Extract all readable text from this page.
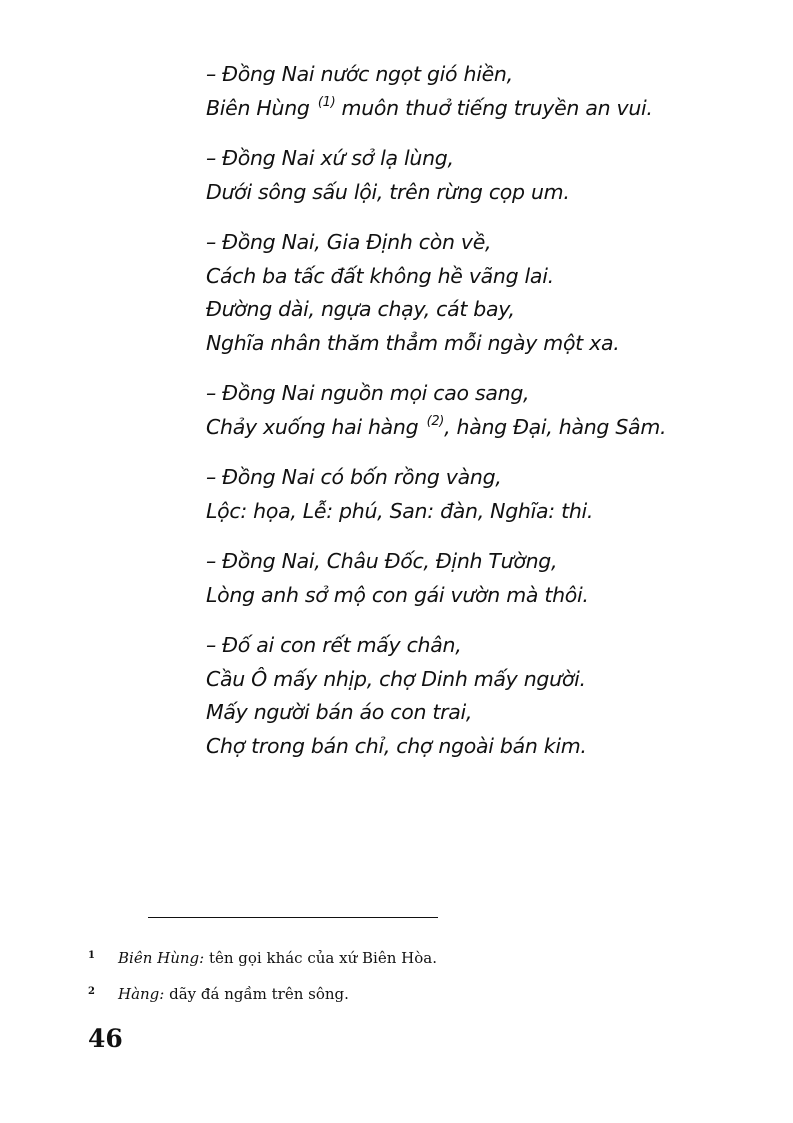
– Đồng Nai nước ngọt gió hiền,
Biên Hùng $^{(1)}$ muôn thuở tiếng truyền an vui.
– Đồng Nai xứ sở lạ lùng,
Dưới sông sấu lội, trên rừng cọp um.
– Đồng Nai, Gia Định còn về,
Cách ba tấc đất không hề vãng lai.
Đường dài, ngựa chạy, cát bay,
Nghĩa nhân thăm thẳm mỗi ngày một xa.
– Đồng Nai nguồn mọi cao sang,
Chảy xuống hai hàng $^{(2)}$, hàng Đại, hàng Sâm.
– Đồng Nai có bốn rồng vàng,
Lộc: họa, Lễ: phú, San: đàn, Nghĩa: thi.
– Đồng Nai, Châu Đốc, Định Tường,
Lòng anh sở mộ con gái vườn mà thôi.
– Đố ai con rết mấy chân,
Cầu Ô mấy nhịp, chợ Dinh mấy người.
Mấy người bán áo con trai,
Chợ trong bán chỉ, chợ ngoài bán kim.
1 Biên Hùng: tên gọi khác của xứ Biên Hòa.
2 Hàng: dãy đá ngầm trên sông.
46
